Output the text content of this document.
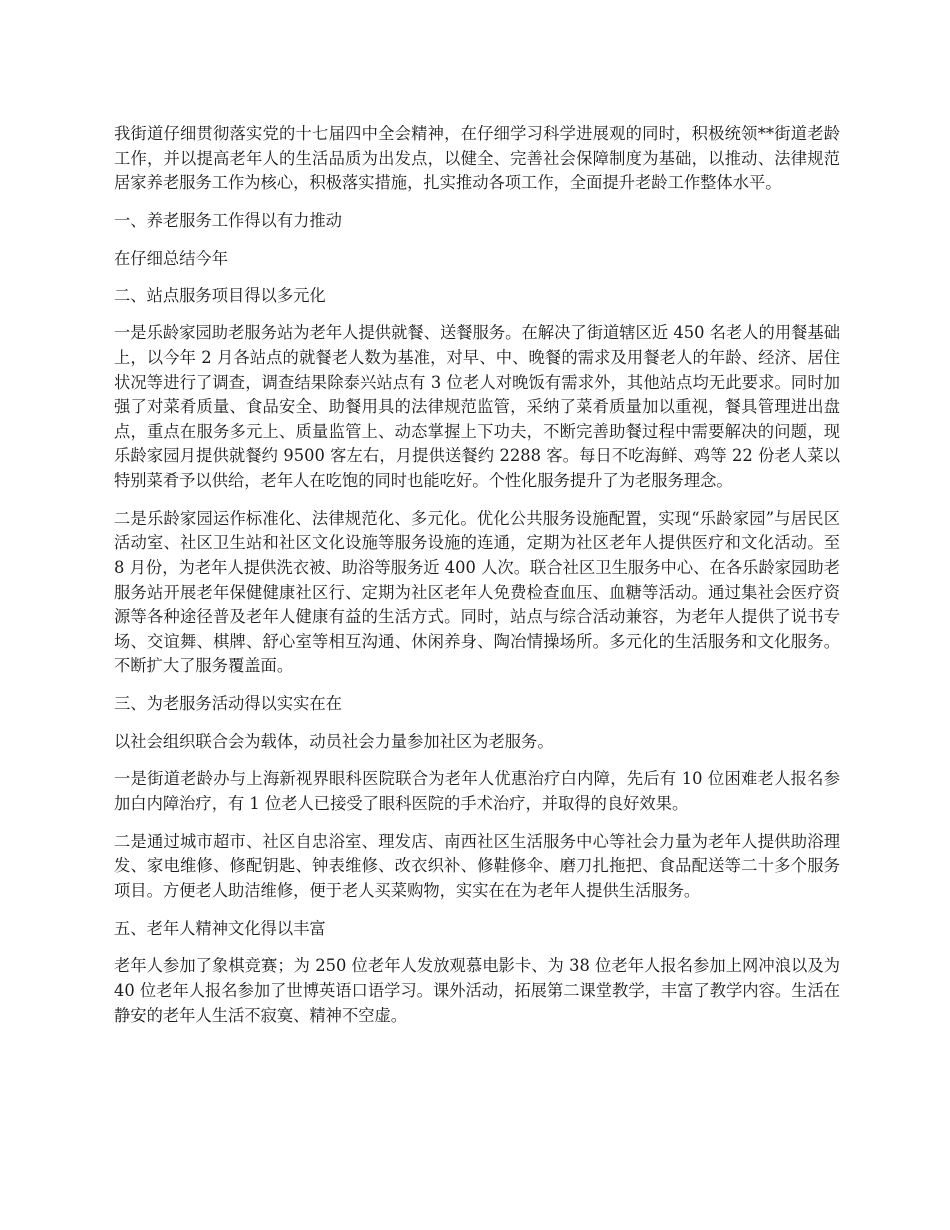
我街道仔细贯彻落实党的十七届四中全会精神，在仔细学习科学进展观的同时，积极统领**街道老龄工作，并以提高老年人的生活品质为出发点，以健全、完善社会保障制度为基础，以推动、法律规范居家养老服务工作为核心，积极落实措施，扎实推动各项工作，全面提升老龄工作整体水平。

一、养老服务工作得以有力推动

在仔细总结今年

二、站点服务项目得以多元化

一是乐龄家园助老服务站为老年人提供就餐、送餐服务。在解决了街道辖区近 450 名老人的用餐基础上，以今年 2 月各站点的就餐老人数为基准，对早、中、晚餐的需求及用餐老人的年龄、经济、居住状况等进行了调查，调查结果除泰兴站点有 3 位老人对晚饭有需求外，其他站点均无此要求。同时加强了对菜肴质量、食品安全、助餐用具的法律规范监管，采纳了菜肴质量加以重视，餐具管理进出盘点，重点在服务多元上、质量监管上、动态掌握上下功夫，不断完善助餐过程中需要解决的问题，现乐龄家园月提供就餐约 9500 客左右，月提供送餐约 2288 客。每日不吃海鲜、鸡等 22 份老人菜以特别菜肴予以供给，老年人在吃饱的同时也能吃好。个性化服务提升了为老服务理念。

二是乐龄家园运作标准化、法律规范化、多元化。优化公共服务设施配置，实现“乐龄家园”与居民区活动室、社区卫生站和社区文化设施等服务设施的连通，定期为社区老年人提供医疗和文化活动。至 8 月份，为老年人提供洗衣被、助浴等服务近 400 人次。联合社区卫生服务中心、在各乐龄家园助老服务站开展老年保健健康社区行、定期为社区老年人免费检查血压、血糖等活动。通过集社会医疗资源等各种途径普及老年人健康有益的生活方式。同时，站点与综合活动兼容，为老年人提供了说书专场、交谊舞、棋牌、舒心室等相互沟通、休闲养身、陶冶情操场所。多元化的生活服务和文化服务。不断扩大了服务覆盖面。

三、为老服务活动得以实实在在

以社会组织联合会为载体，动员社会力量参加社区为老服务。

一是街道老龄办与上海新视界眼科医院联合为老年人优惠治疗白内障，先后有 10 位困难老人报名参加白内障治疗，有 1 位老人已接受了眼科医院的手术治疗，并取得的良好效果。

二是通过城市超市、社区自忠浴室、理发店、南西社区生活服务中心等社会力量为老年人提供助浴理发、家电维修、修配钥匙、钟表维修、改衣织补、修鞋修伞、磨刀扎拖把、食品配送等二十多个服务项目。方便老人助洁维修，便于老人买菜购物，实实在在为老年人提供生活服务。

五、老年人精神文化得以丰富

老年人参加了象棋竞赛；为 250 位老年人发放观慕电影卡、为 38 位老年人报名参加上网冲浪以及为 40 位老年人报名参加了世博英语口语学习。课外活动，拓展第二课堂教学，丰富了教学内容。生活在静安的老年人生活不寂寞、精神不空虚。
